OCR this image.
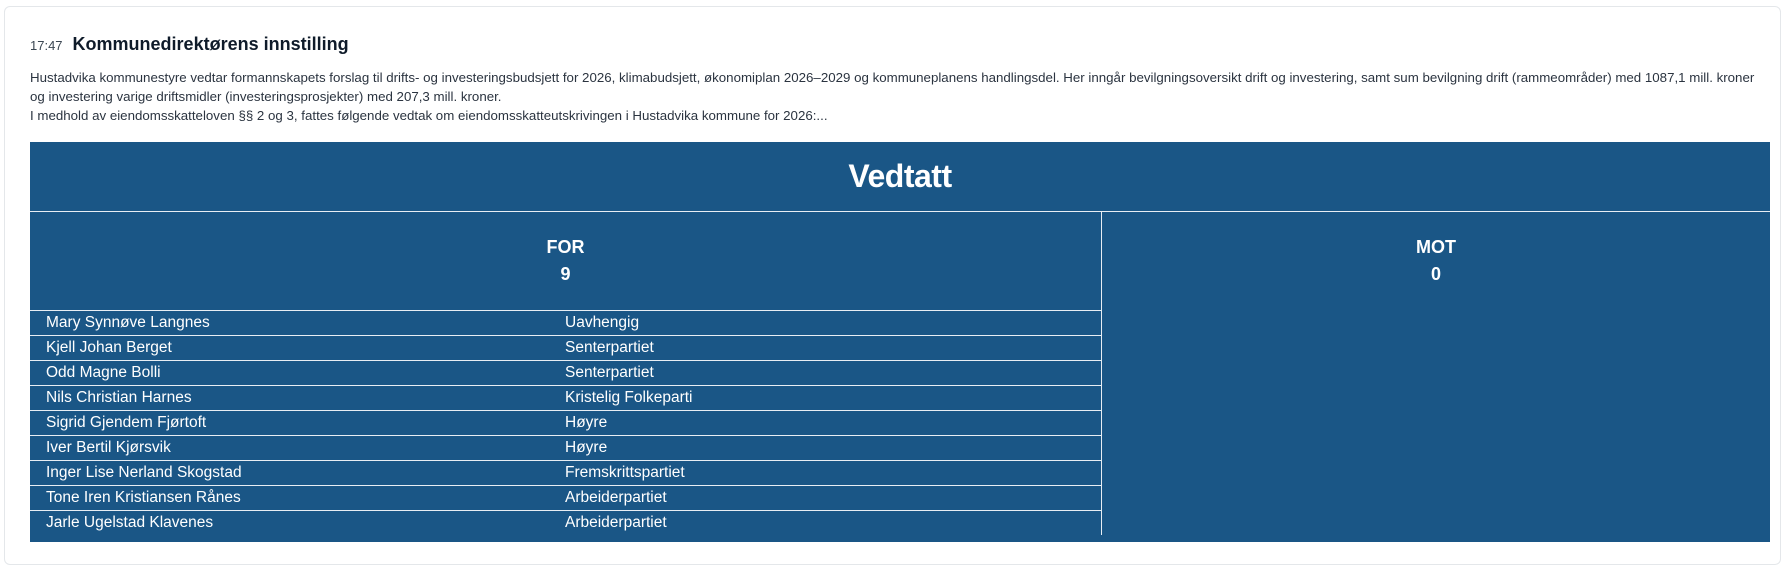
17:47 Kommunedirektørens innstilling

Hustadvika kommunestyre vedtar formannskapets forslag til drifts- og investeringsbudsjett for 2026, klimabudsjett, økonomiplan 2026–2029 og kommuneplanens handlingsdel. Her inngår bevilgningsoversikt drift og investering, samt sum bevilgning drift (rammeområder) med 1087,1 mill. kroner og investering varige driftsmidler (investeringsprosjekter) med 207,3 mill. kroner.

I medhold av eiendomsskatteloven §§ 2 og 3, fattes følgende vedtak om eiendomsskatteutskrivingen i Hustadvika kommune for 2026:...

Vedtatt
FOR
9
MOT
0
Mary Synnøve Langnes	Uavhengig
Kjell Johan Berget	Senterpartiet
Odd Magne Bolli	Senterpartiet
Nils Christian Harnes	Kristelig Folkeparti
Sigrid Gjendem Fjørtoft	Høyre
Iver Bertil Kjørsvik	Høyre
Inger Lise Nerland Skogstad	Fremskrittspartiet
Tone Iren Kristiansen Rånes	Arbeiderpartiet
Jarle Ugelstad Klavenes	Arbeiderpartiet
